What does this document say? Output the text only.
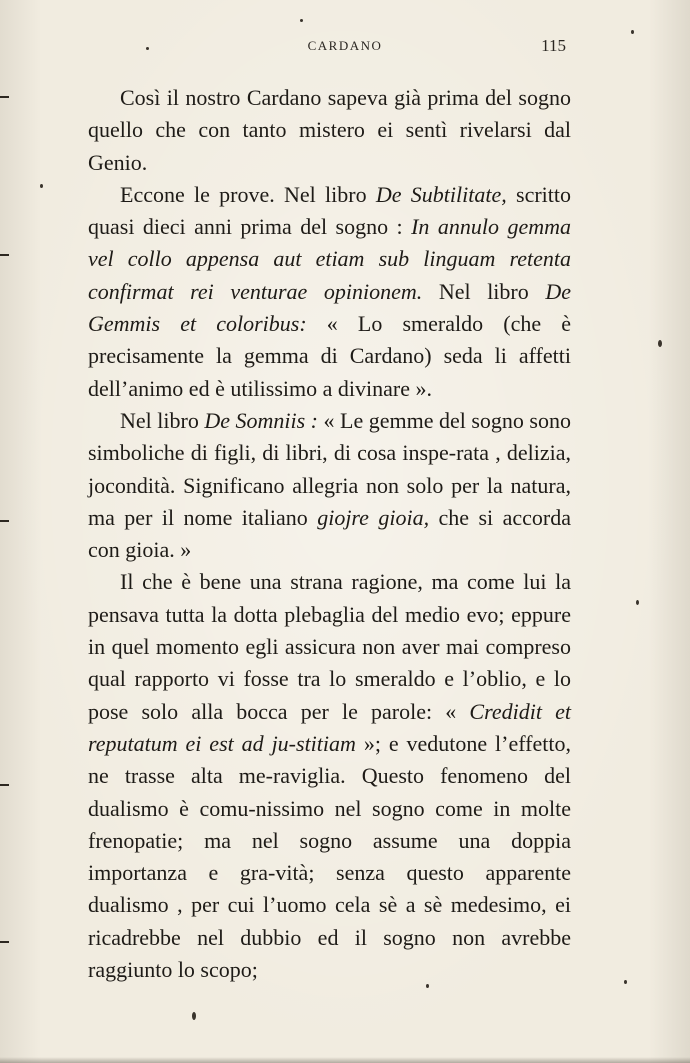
CARDANO	115

Così il nostro Cardano sapeva già prima del sogno quello che con tanto mistero ei sentì rivelarsi dal Genio.

Eccone le prove. Nel libro De Subtilitate, scritto quasi dieci anni prima del sogno : In annulo gemma vel collo appensa aut etiam sub linguam retenta confirmat rei venturae opinionem. Nel libro De Gemmis et coloribus: « Lo smeraldo (che è precisamente la gemma di Cardano) seda li affetti dell’animo ed è utilissimo a divinare ».

Nel libro De Somniis : « Le gemme del sogno sono simboliche di figli, di libri, di cosa inspe-rata , delizia, jocondità. Significano allegria non solo per la natura, ma per il nome italiano giojre gioia, che si accorda con gioia. »

Il che è bene una strana ragione, ma come lui la pensava tutta la dotta plebaglia del medio evo; eppure in quel momento egli assicura non aver mai compreso qual rapporto vi fosse tra lo smeraldo e l’oblio, e lo pose solo alla bocca per le parole: « Credidit et reputatum ei est ad ju-stitiam »; e vedutone l’effetto, ne trasse alta me-raviglia. Questo fenomeno del dualismo è comu-nissimo nel sogno come in molte frenopatie; ma nel sogno assume una doppia importanza e gra-vità; senza questo apparente dualismo , per cui l’uomo cela sè a sè medesimo, ei ricadrebbe nel dubbio ed il sogno non avrebbe raggiunto lo scopo;
